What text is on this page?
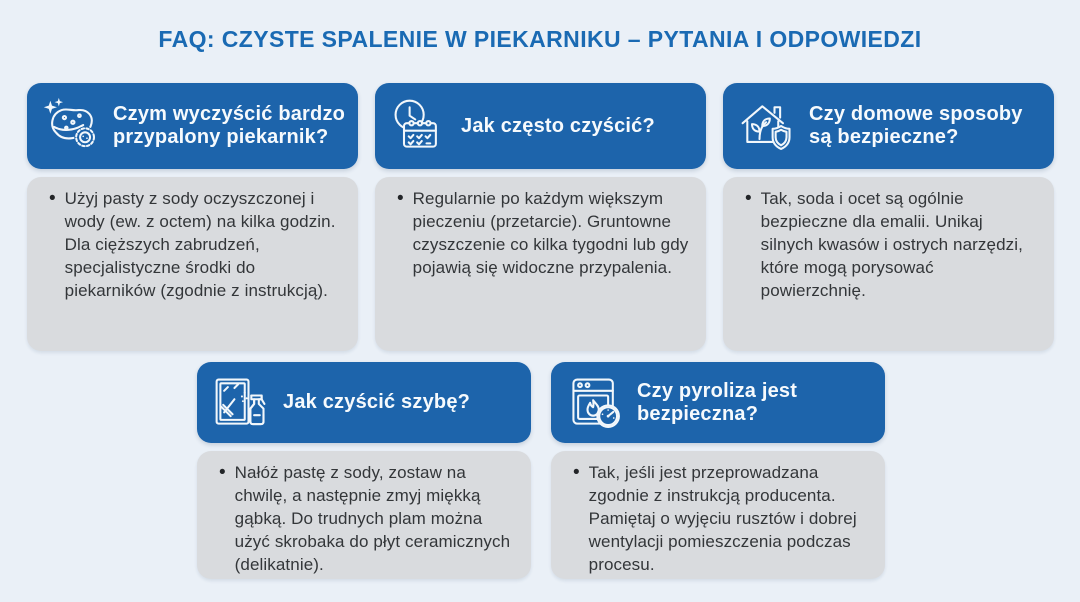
FAQ: CZYSTE SPALENIE W PIEKARNIKU – PYTANIA I ODPOWIEDZI
Czym wyczyścić bardzo przypalony piekarnik?
• Użyj pasty z sody oczyszczonej i wody (ew. z octem) na kilka godzin. Dla cięższych zabrudzeń, specjalistyczne środki do piekarników (zgodnie z instrukcją).
Jak często czyścić?
• Regularnie po każdym większym pieczeniu (przetarcie). Gruntowne czyszczenie co kilka tygodni lub gdy pojawią się widoczne przypalenia.
Czy domowe sposoby są bezpieczne?
• Tak, soda i ocet są ogólnie bezpieczne dla emalii. Unikaj silnych kwasów i ostrych narzędzi, które mogą porysować powierzchnię.
Jak czyścić szybę?
• Nałóż pastę z sody, zostaw na chwilę, a następnie zmyj miękką gąbką. Do trudnych plam można użyć skrobaka do płyt ceramicznych (delikatnie).
Czy pyroliza jest bezpieczna?
• Tak, jeśli jest przeprowadzana zgodnie z instrukcją producenta. Pamiętaj o wyjęciu rusztów i dobrej wentylacji pomieszczenia podczas procesu.
